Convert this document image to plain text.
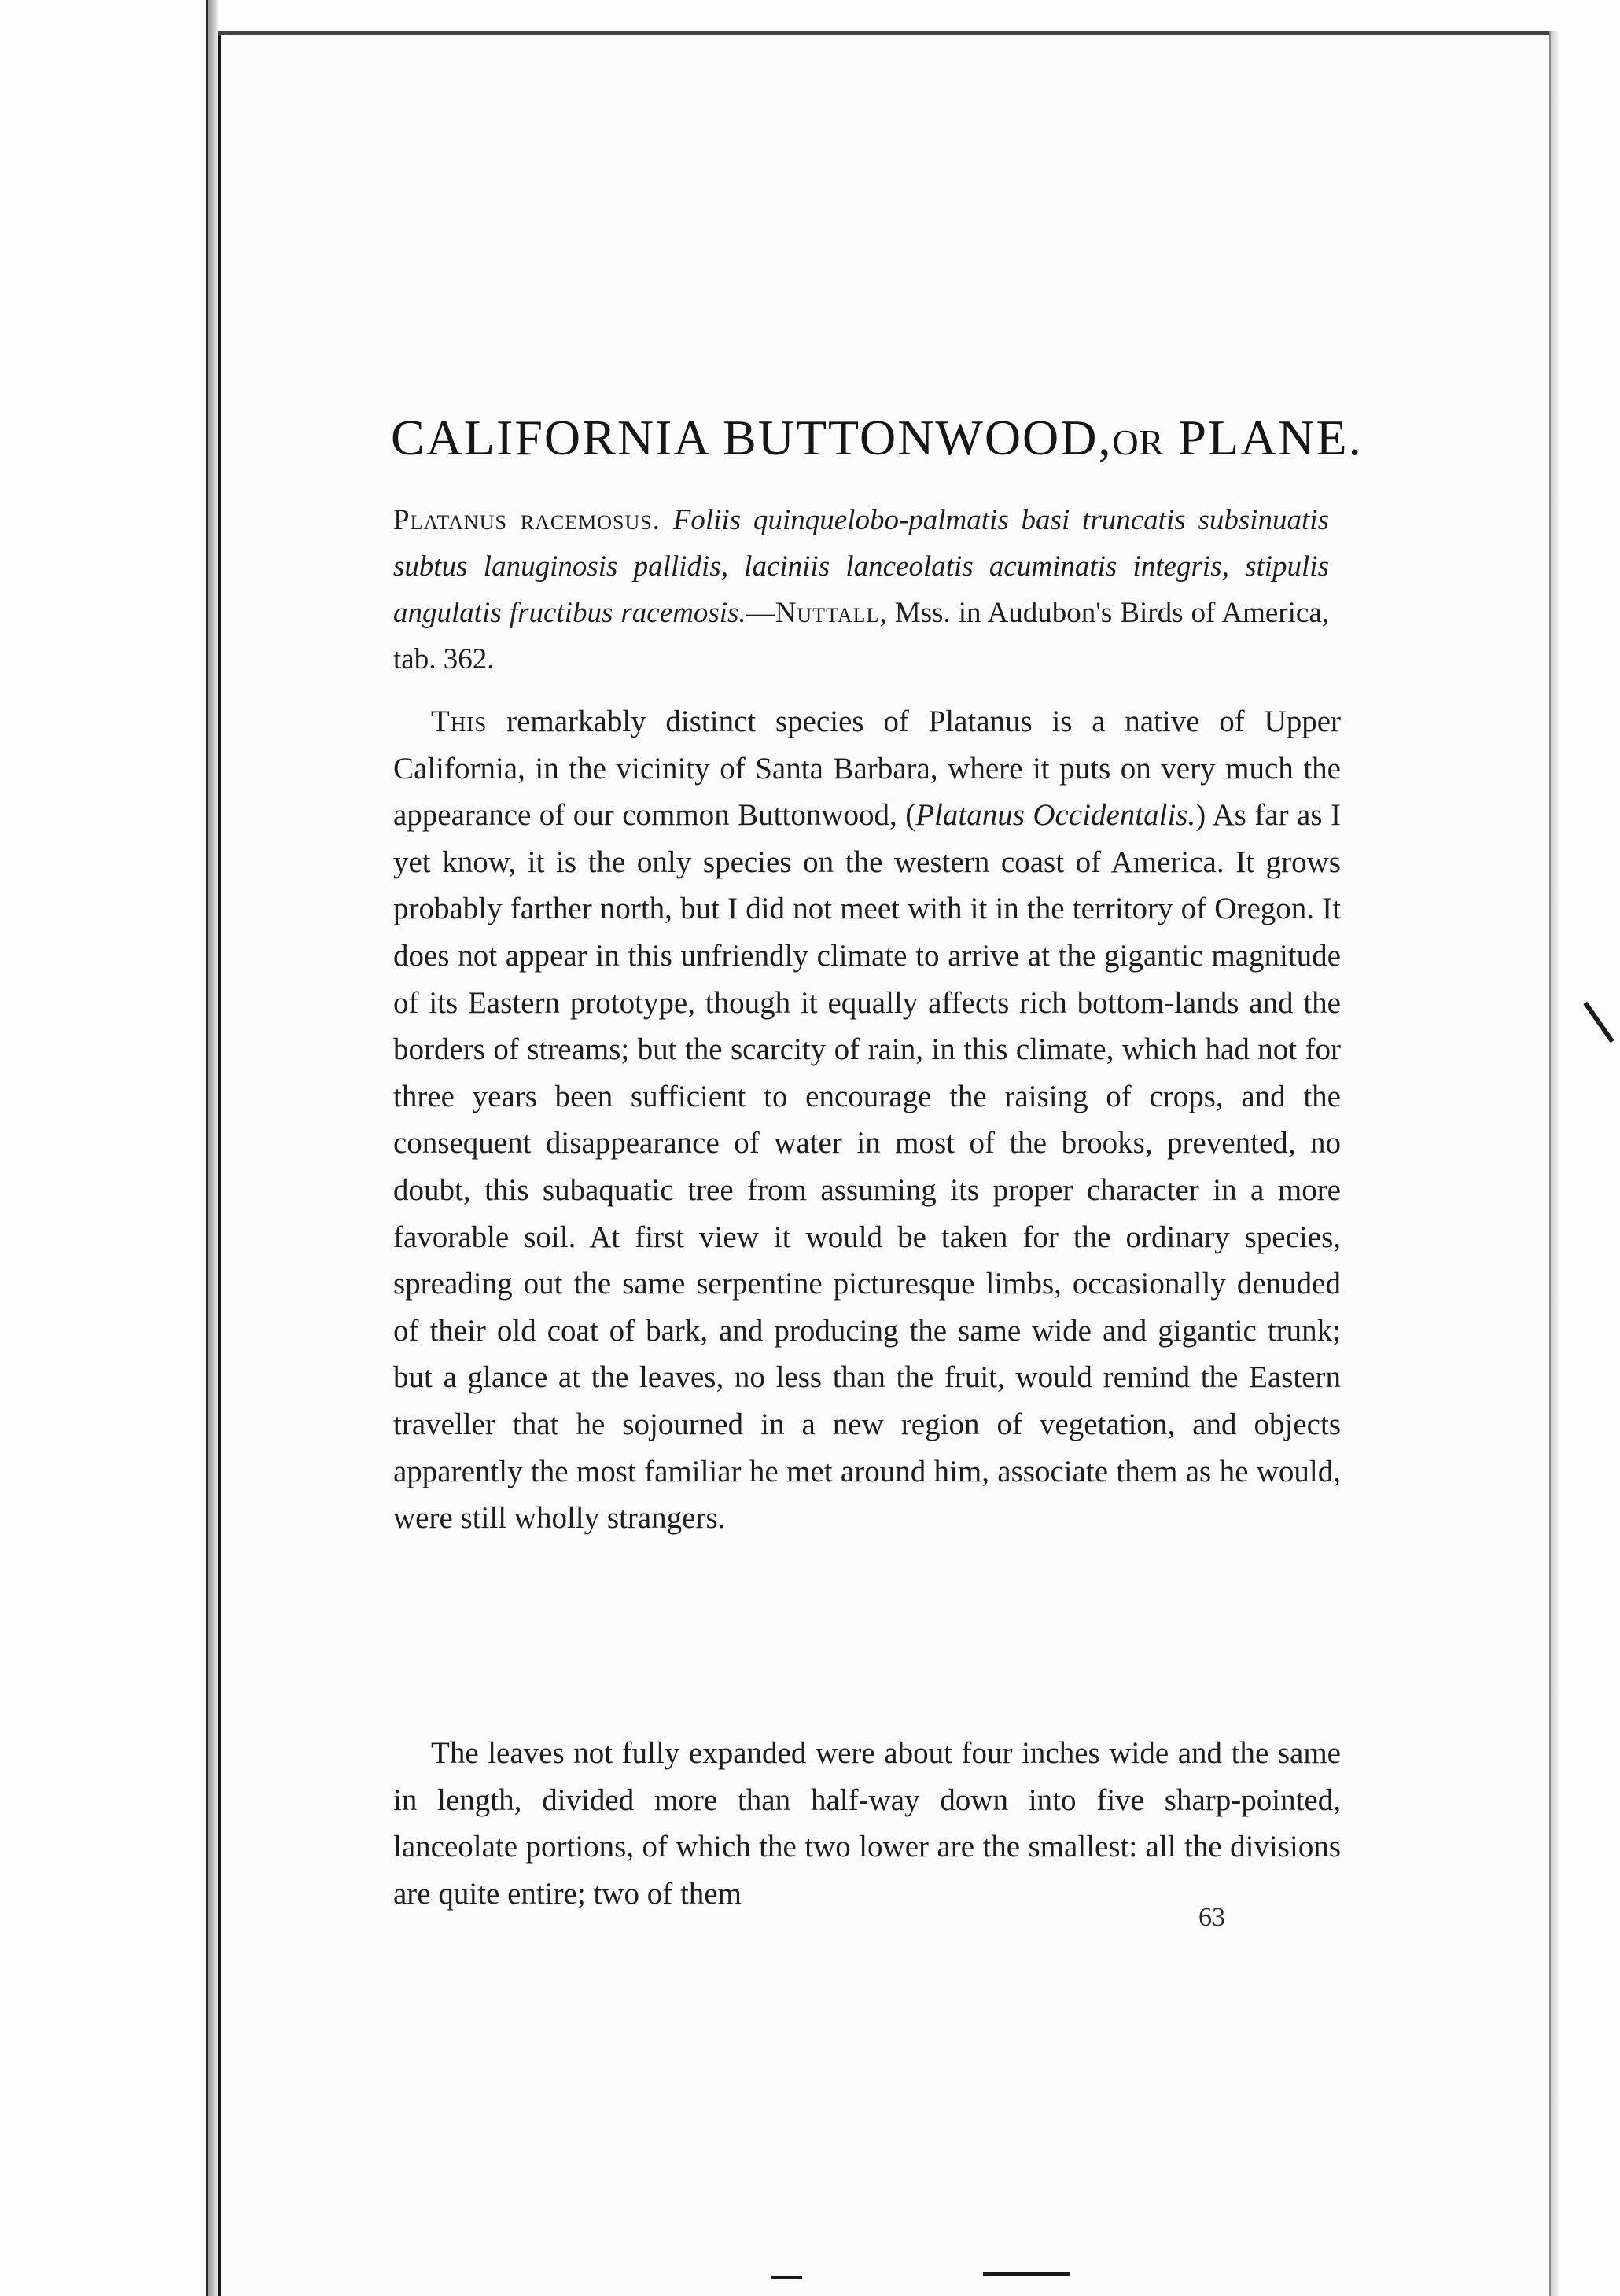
CALIFORNIA BUTTONWOOD,OR PLANE.
Platanus racemosus. Foliis quinquelobo-palmatis basi truncatis subsinuatis subtus lanuginosis pallidis, laciniis lanceolatis acuminatis integris, stipulis angulatis fructibus racemosis.—Nuttall, Mss. in Audubon's Birds of America, tab. 362.

This remarkably distinct species of Platanus is a native of Upper California, in the vicinity of Santa Barbara, where it puts on very much the appearance of our common Buttonwood, (Platanus Occidentalis.) As far as I yet know, it is the only species on the western coast of America. It grows probably farther north, but I did not meet with it in the territory of Oregon. It does not appear in this unfriendly climate to arrive at the gigantic magnitude of its Eastern prototype, though it equally affects rich bottom-lands and the borders of streams; but the scarcity of rain, in this climate, which had not for three years been sufficient to encourage the raising of crops, and the consequent disappearance of water in most of the brooks, prevented, no doubt, this subaquatic tree from assuming its proper character in a more favorable soil. At first view it would be taken for the ordinary species, spreading out the same serpentine picturesque limbs, occasionally denuded of their old coat of bark, and producing the same wide and gigantic trunk; but a glance at the leaves, no less than the fruit, would remind the Eastern traveller that he sojourned in a new region of vegetation, and objects apparently the most familiar he met around him, associate them as he would, were still wholly strangers.

The leaves not fully expanded were about four inches wide and the same in length, divided more than half-way down into five sharp-pointed, lanceolate portions, of which the two lower are the smallest: all the divisions are quite entire; two of them

63
